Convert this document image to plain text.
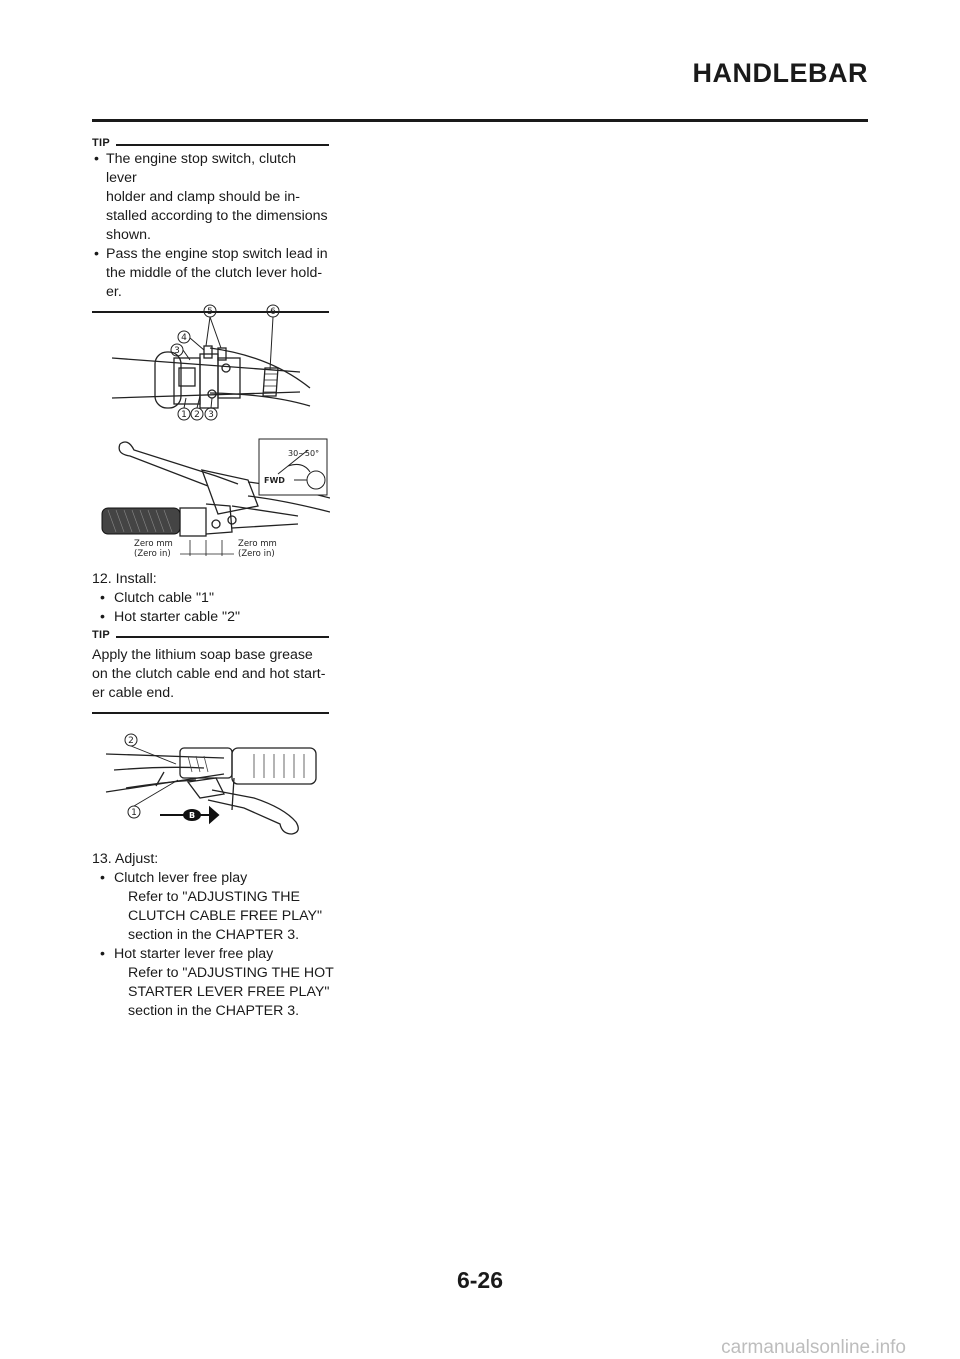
HANDLEBAR
TIP
• The engine stop switch, clutch lever
holder and clamp should be in-
stalled according to the dimensions
shown.
• Pass the engine stop switch lead in
the middle of the clutch lever hold-
er.
5	6
4
3
1 2 3
30~50°
FWD
Zero mm
(Zero in)
Zero mm
(Zero in)
12. Install:
• Clutch cable "1"
• Hot starter cable "2"
TIP
Apply the lithium soap base grease
on the clutch cable end and hot start-
er cable end.
2
1	B
13. Adjust:
• Clutch lever free play
Refer to "ADJUSTING THE
CLUTCH CABLE FREE PLAY"
section in the CHAPTER 3.
• Hot starter lever free play
Refer to "ADJUSTING THE HOT
STARTER LEVER FREE PLAY"
section in the CHAPTER 3.
6-26
carmanualsonline.info
